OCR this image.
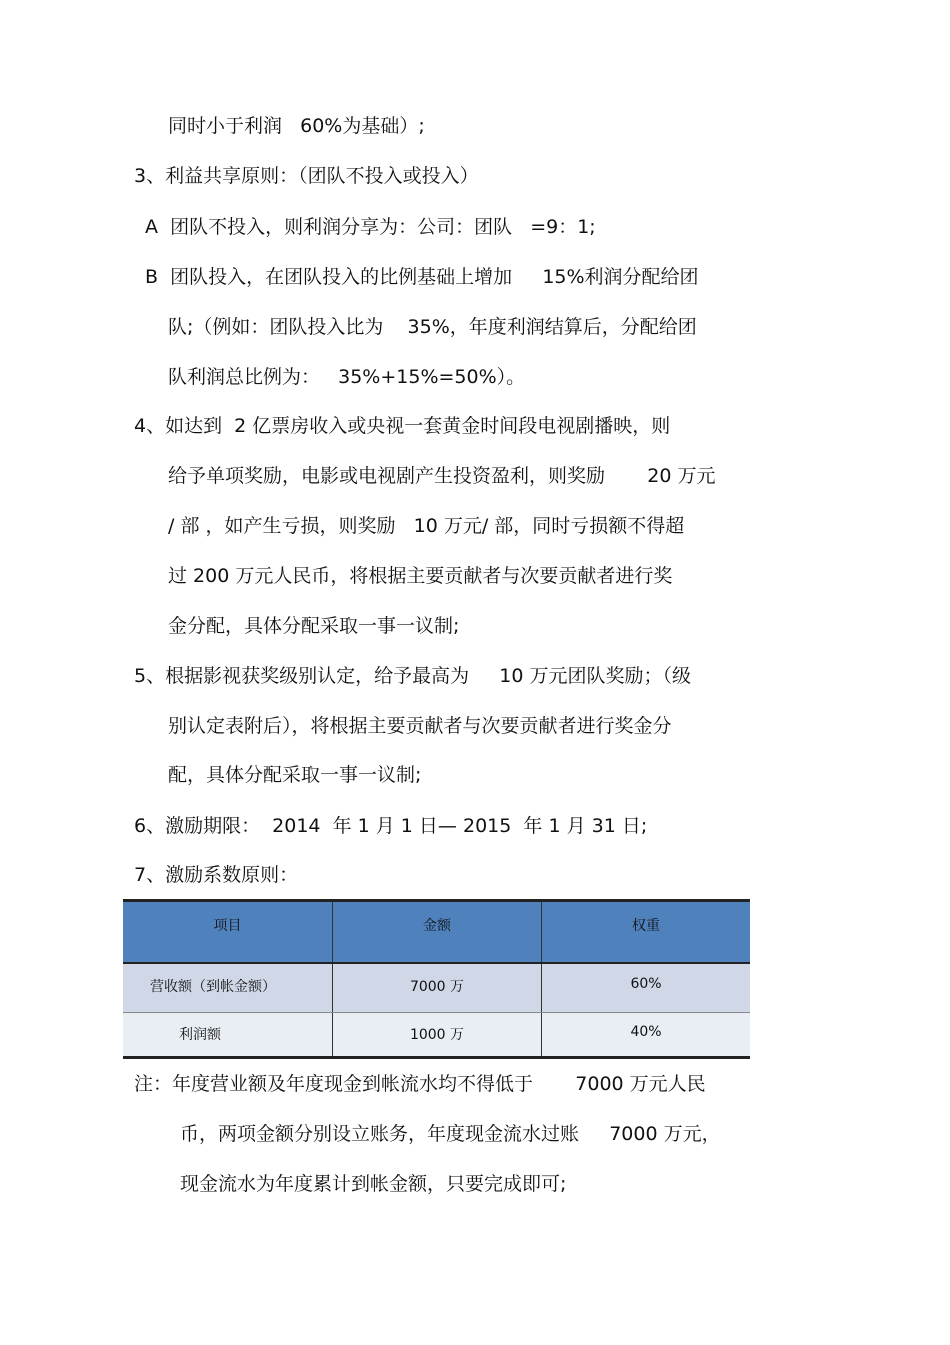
同时小于利润   60%为基础）;
3、利益共享原则：（团队不投入或投入）
A  团队不投入，则利润分享为：公司：团队   =9：1;
B  团队投入，在团队投入的比例基础上增加     15%利润分配给团
队;（例如：团队投入比为    35%，年度利润结算后，分配给团
队利润总比例为：   35%+15%=50%）。
4、如达到  2 亿票房收入或央视一套黄金时间段电视剧播映，则
给予单项奖励，电影或电视剧产生投资盈利，则奖励       20 万元
/ 部 ，如产生亏损，则奖励   10 万元/ 部，同时亏损额不得超
过 200 万元人民币，将根据主要贡献者与次要贡献者进行奖
金分配，具体分配采取一事一议制;
5、根据影视获奖级别认定，给予最高为     10 万元团队奖励；（级
别认定表附后），将根据主要贡献者与次要贡献者进行奖金分
配，具体分配采取一事一议制;
6、激励期限：  2014  年 1 月 1 日— 2015  年 1 月 31 日;
7、激励系数原则：
项目	金额	权重
营收额（到帐金额）	7000 万	60%
利润额	1000 万	40%
注：年度营业额及年度现金到帐流水均不得低于       7000 万元人民
币，两项金额分别设立账务，年度现金流水过账     7000 万元，
现金流水为年度累计到帐金额，只要完成即可;
